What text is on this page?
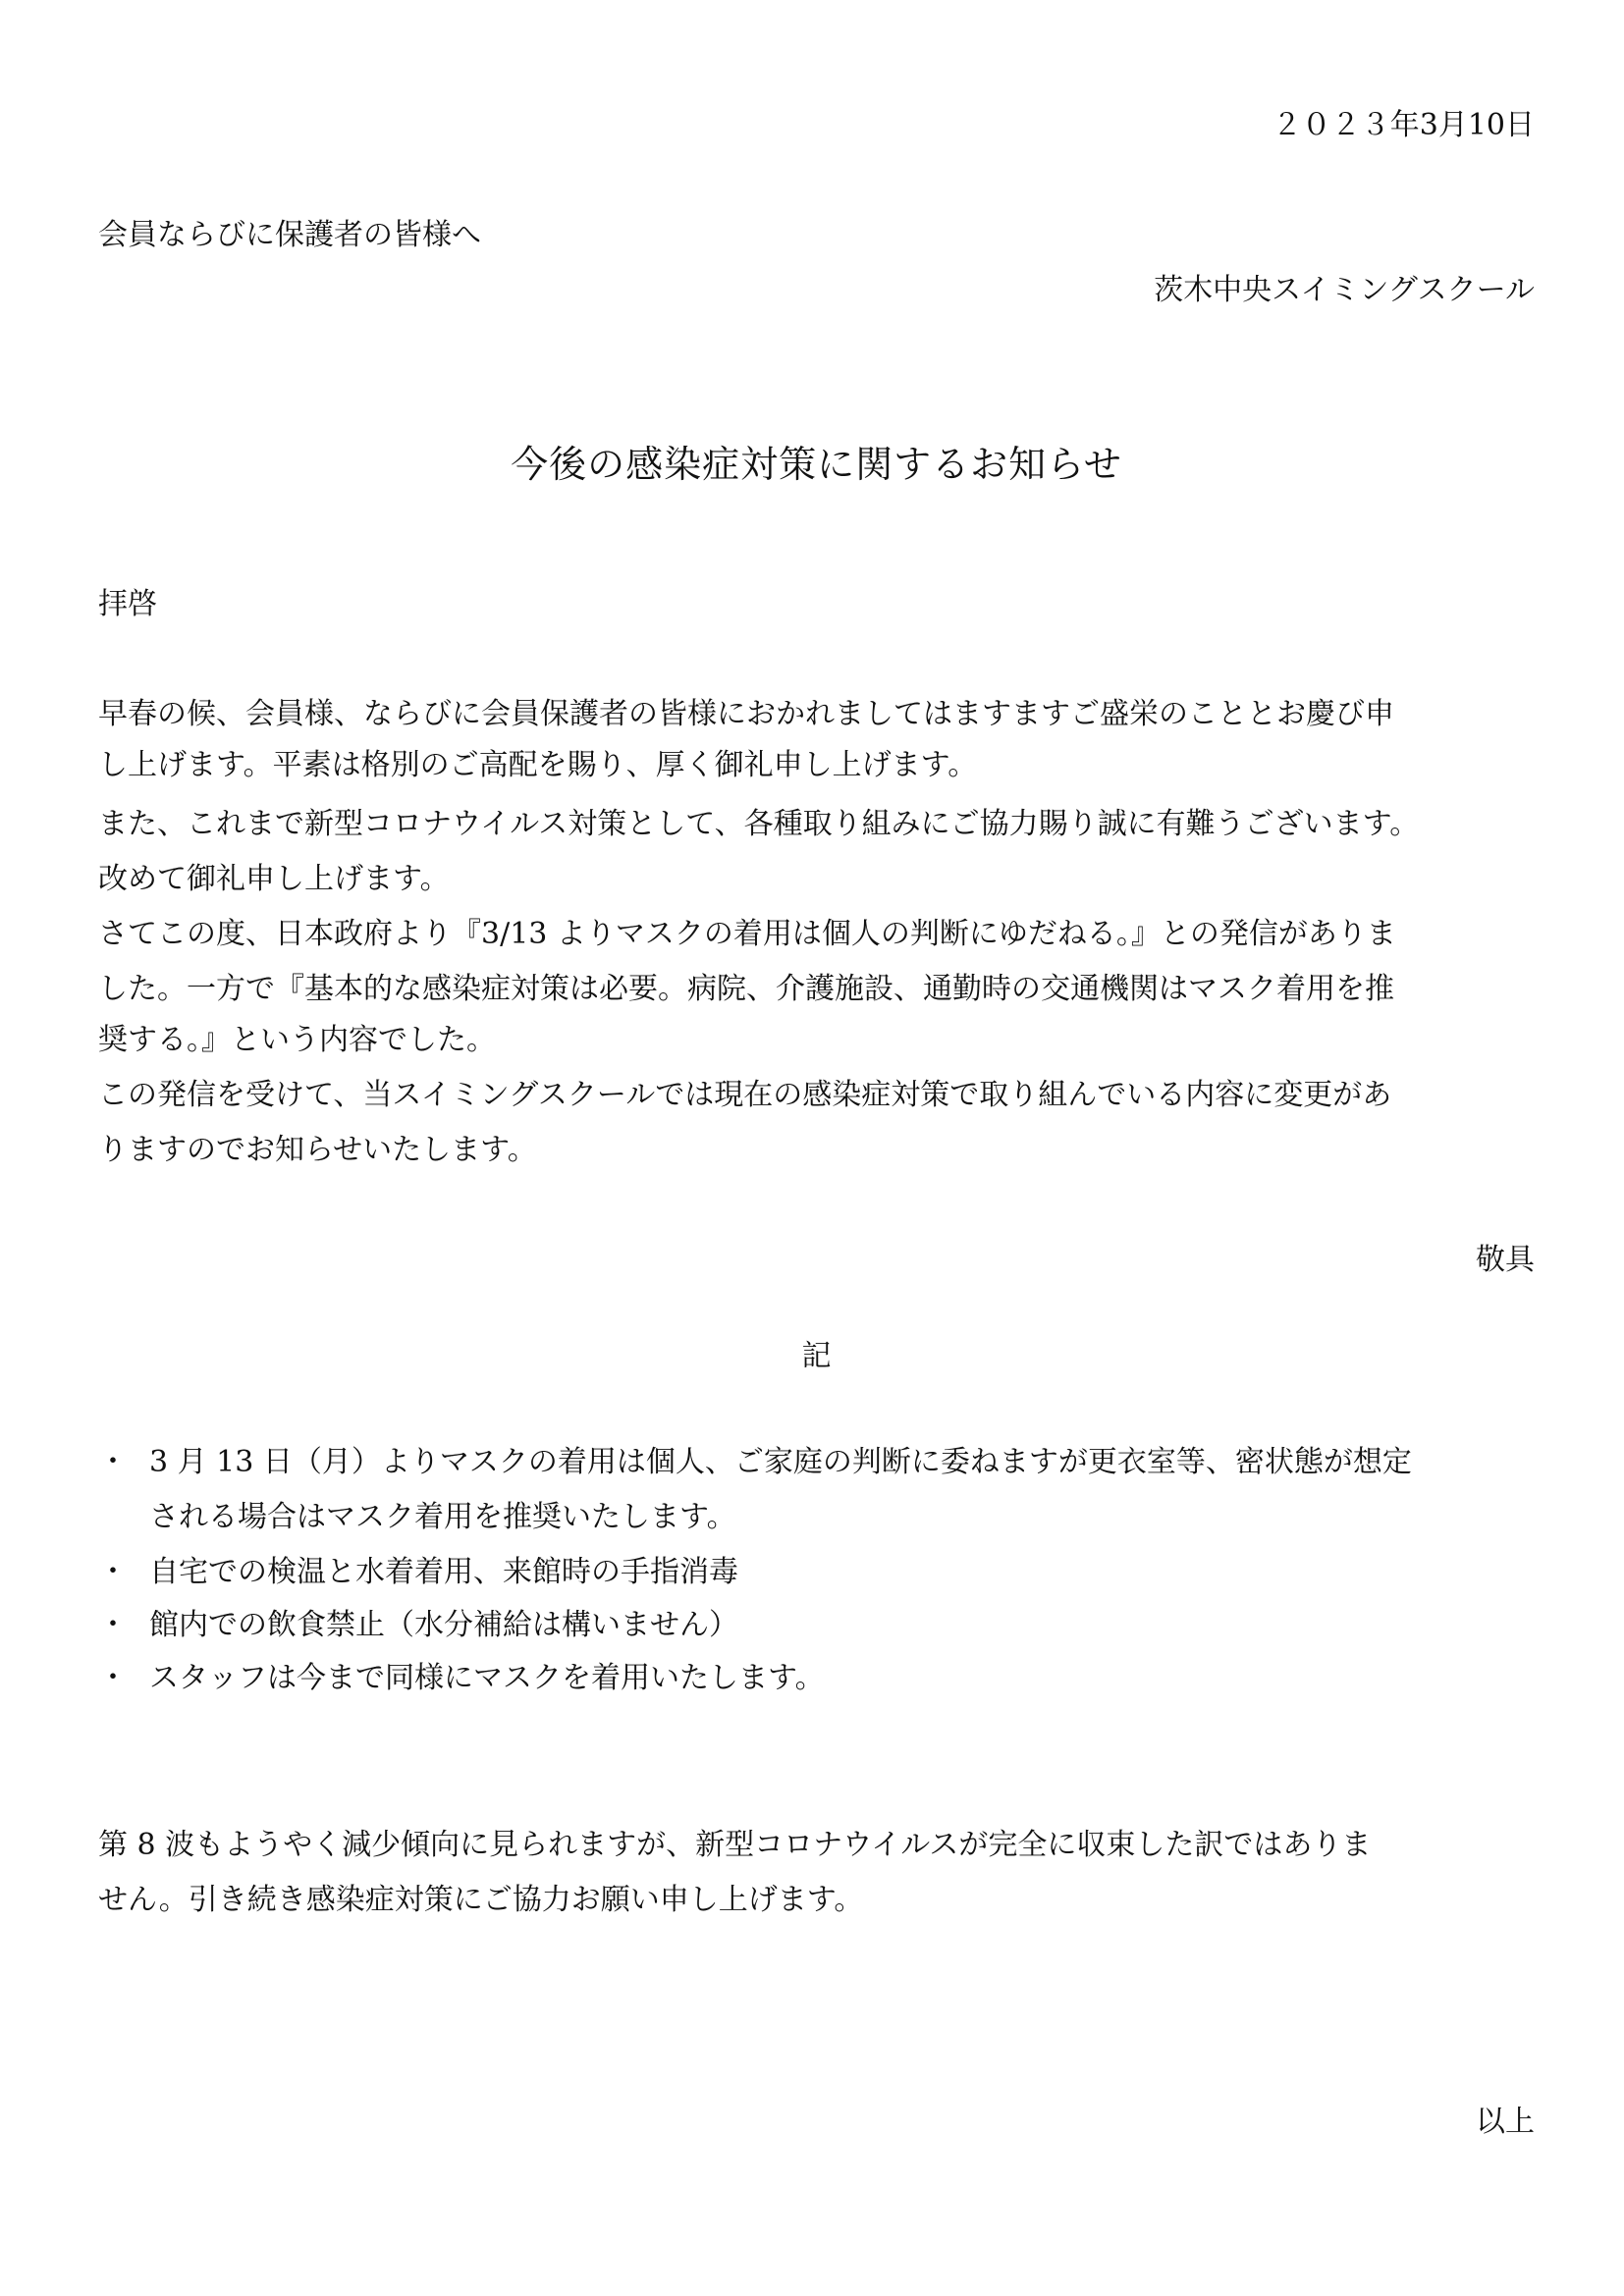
２０２３年3月10日
会員ならびに保護者の皆様へ
茨木中央スイミングスクール
今後の感染症対策に関するお知らせ
拝啓
早春の候、会員様、ならびに会員保護者の皆様におかれましてはますますご盛栄のこととお慶び申
し上げます。平素は格別のご高配を賜り、厚く御礼申し上げます。
また、これまで新型コロナウイルス対策として、各種取り組みにご協力賜り誠に有難うございます。
改めて御礼申し上げます。
さてこの度、日本政府より『3/13 よりマスクの着用は個人の判断にゆだねる。』との発信がありま
した。一方で『基本的な感染症対策は必要。病院、介護施設、通勤時の交通機関はマスク着用を推
奨する。』という内容でした。
この発信を受けて、当スイミングスクールでは現在の感染症対策で取り組んでいる内容に変更があ
りますのでお知らせいたします。
敬具
記
・ 3 月 13 日（月）よりマスクの着用は個人、ご家庭の判断に委ねますが更衣室等、密状態が想定
される場合はマスク着用を推奨いたします。
・ 自宅での検温と水着着用、来館時の手指消毒
・ 館内での飲食禁止（水分補給は構いません）
・ スタッフは今まで同様にマスクを着用いたします。
第 8 波もようやく減少傾向に見られますが、新型コロナウイルスが完全に収束した訳ではありま
せん。引き続き感染症対策にご協力お願い申し上げます。
以上
